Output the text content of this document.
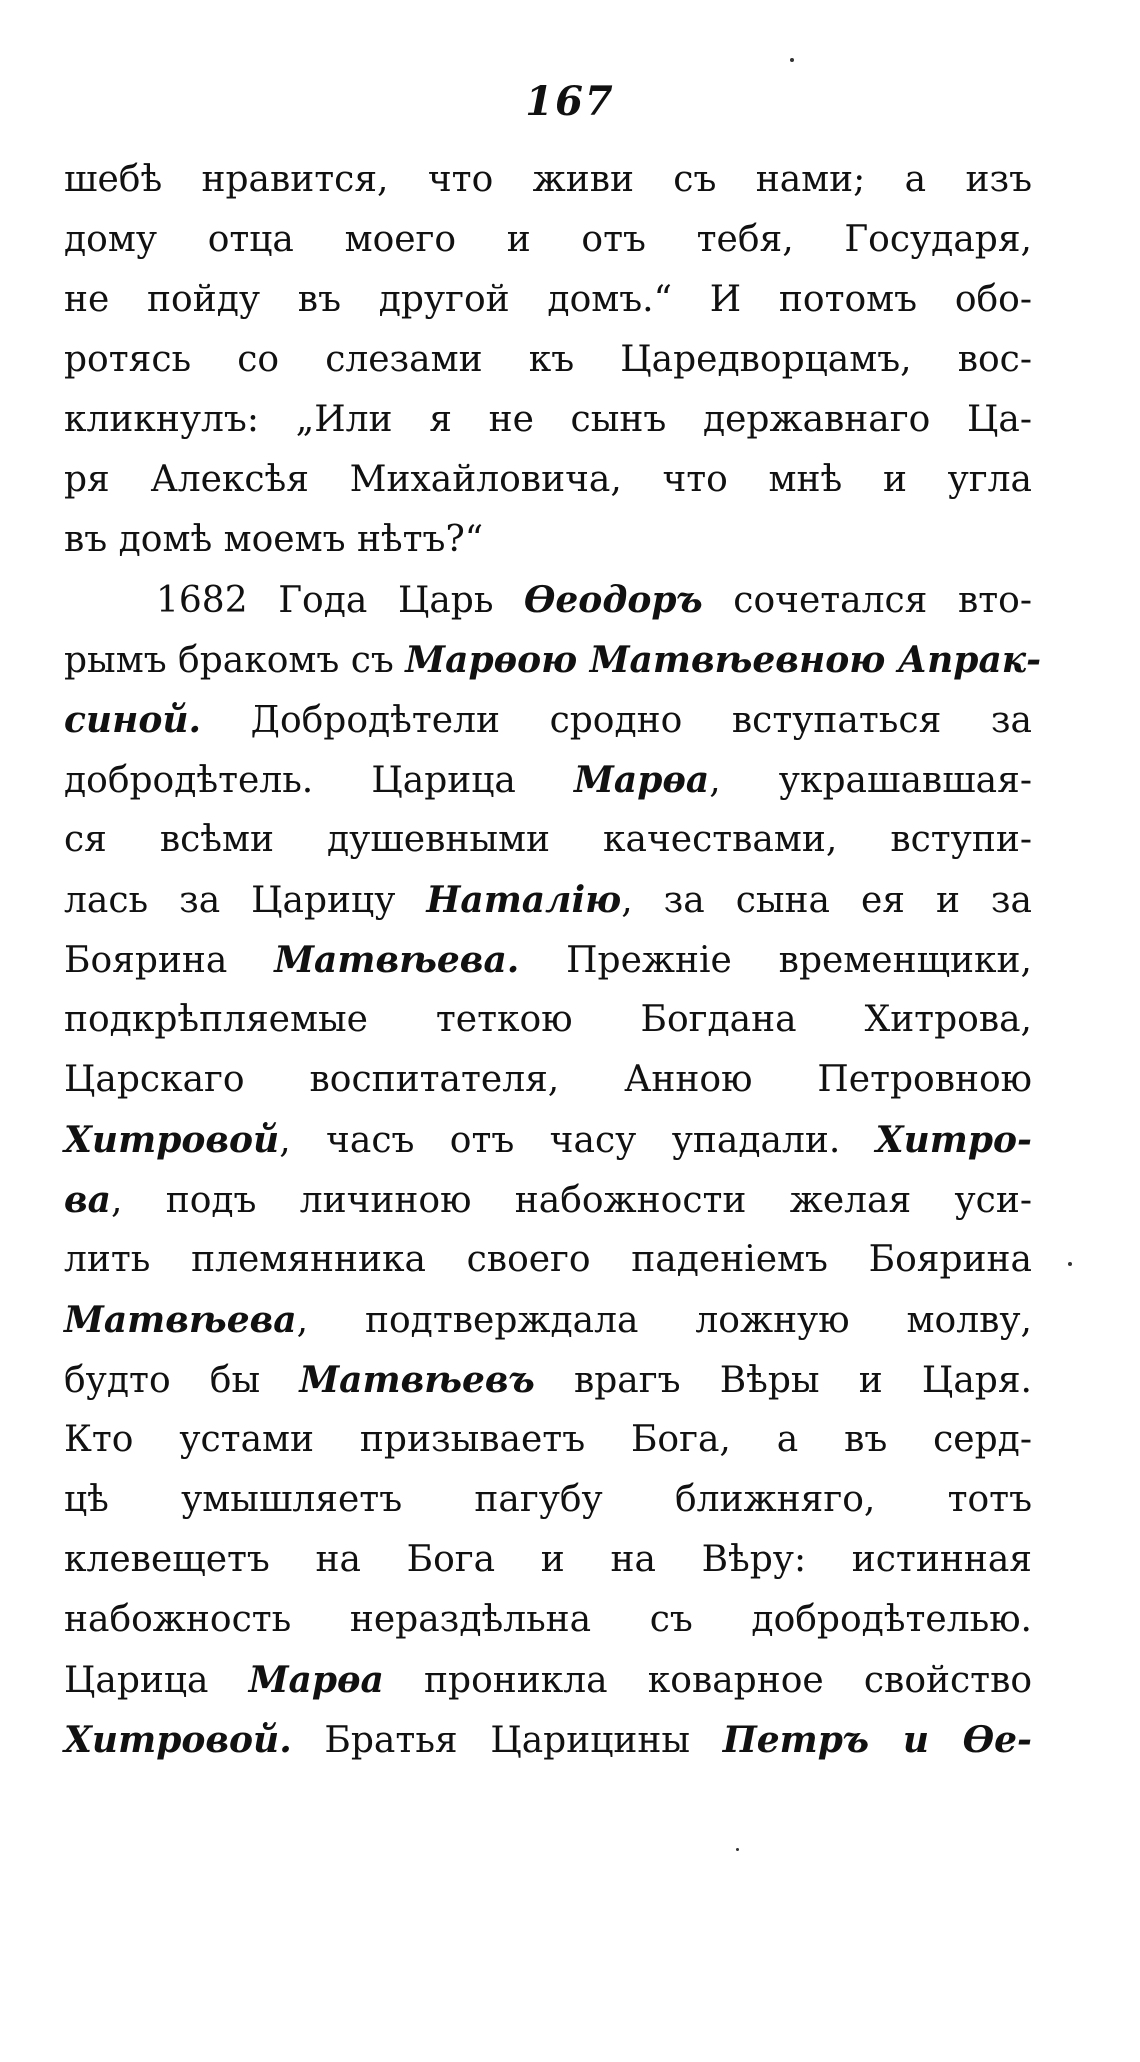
167
шебѣ нравится, что живи съ нами; а изъ
дому отца моего и отъ тебя, Государя,
не пойду въ другой домъ.“ И потомъ обо-
ротясь со слезами къ Царедворцамъ, вос-
кликнулъ: „Или я не сынъ державнаго Ца-
ря Алексѣя Михайловича, что мнѣ и угла
въ домѣ моемъ нѣтъ?“
1682 Года Царь Ѳеодоръ сочетался вто-
рымъ бракомъ съ Марѳою Матвѣевною Апрак-
синой. Добродѣтели сродно вступаться за
добродѣтель. Царица Марѳа, украшавшая-
ся всѣми душевными качествами, вступи-
лась за Царицу Наталію, за сына ея и за
Боярина Матвѣева. Прежніе временщики,
подкрѣпляемые теткою Богдана Хитрова,
Царскаго воспитателя, Анною Петровною
Хитровой, часъ отъ часу упадали. Хитро-
ва, подъ личиною набожности желая уси-
лить племянника своего паденіемъ Боярина
Матвѣева, подтверждала ложную молву,
будто бы Матвѣевъ врагъ Вѣры и Царя.
Кто устами призываетъ Бога, а въ серд-
цѣ умышляетъ пагубу ближняго, тотъ
клевещетъ на Бога и на Вѣру: истинная
набожность нераздѣльна съ добродѣтелью.
Царица Марѳа проникла коварное свойство
Хитровой. Братья Царицины Петръ и Ѳе-
